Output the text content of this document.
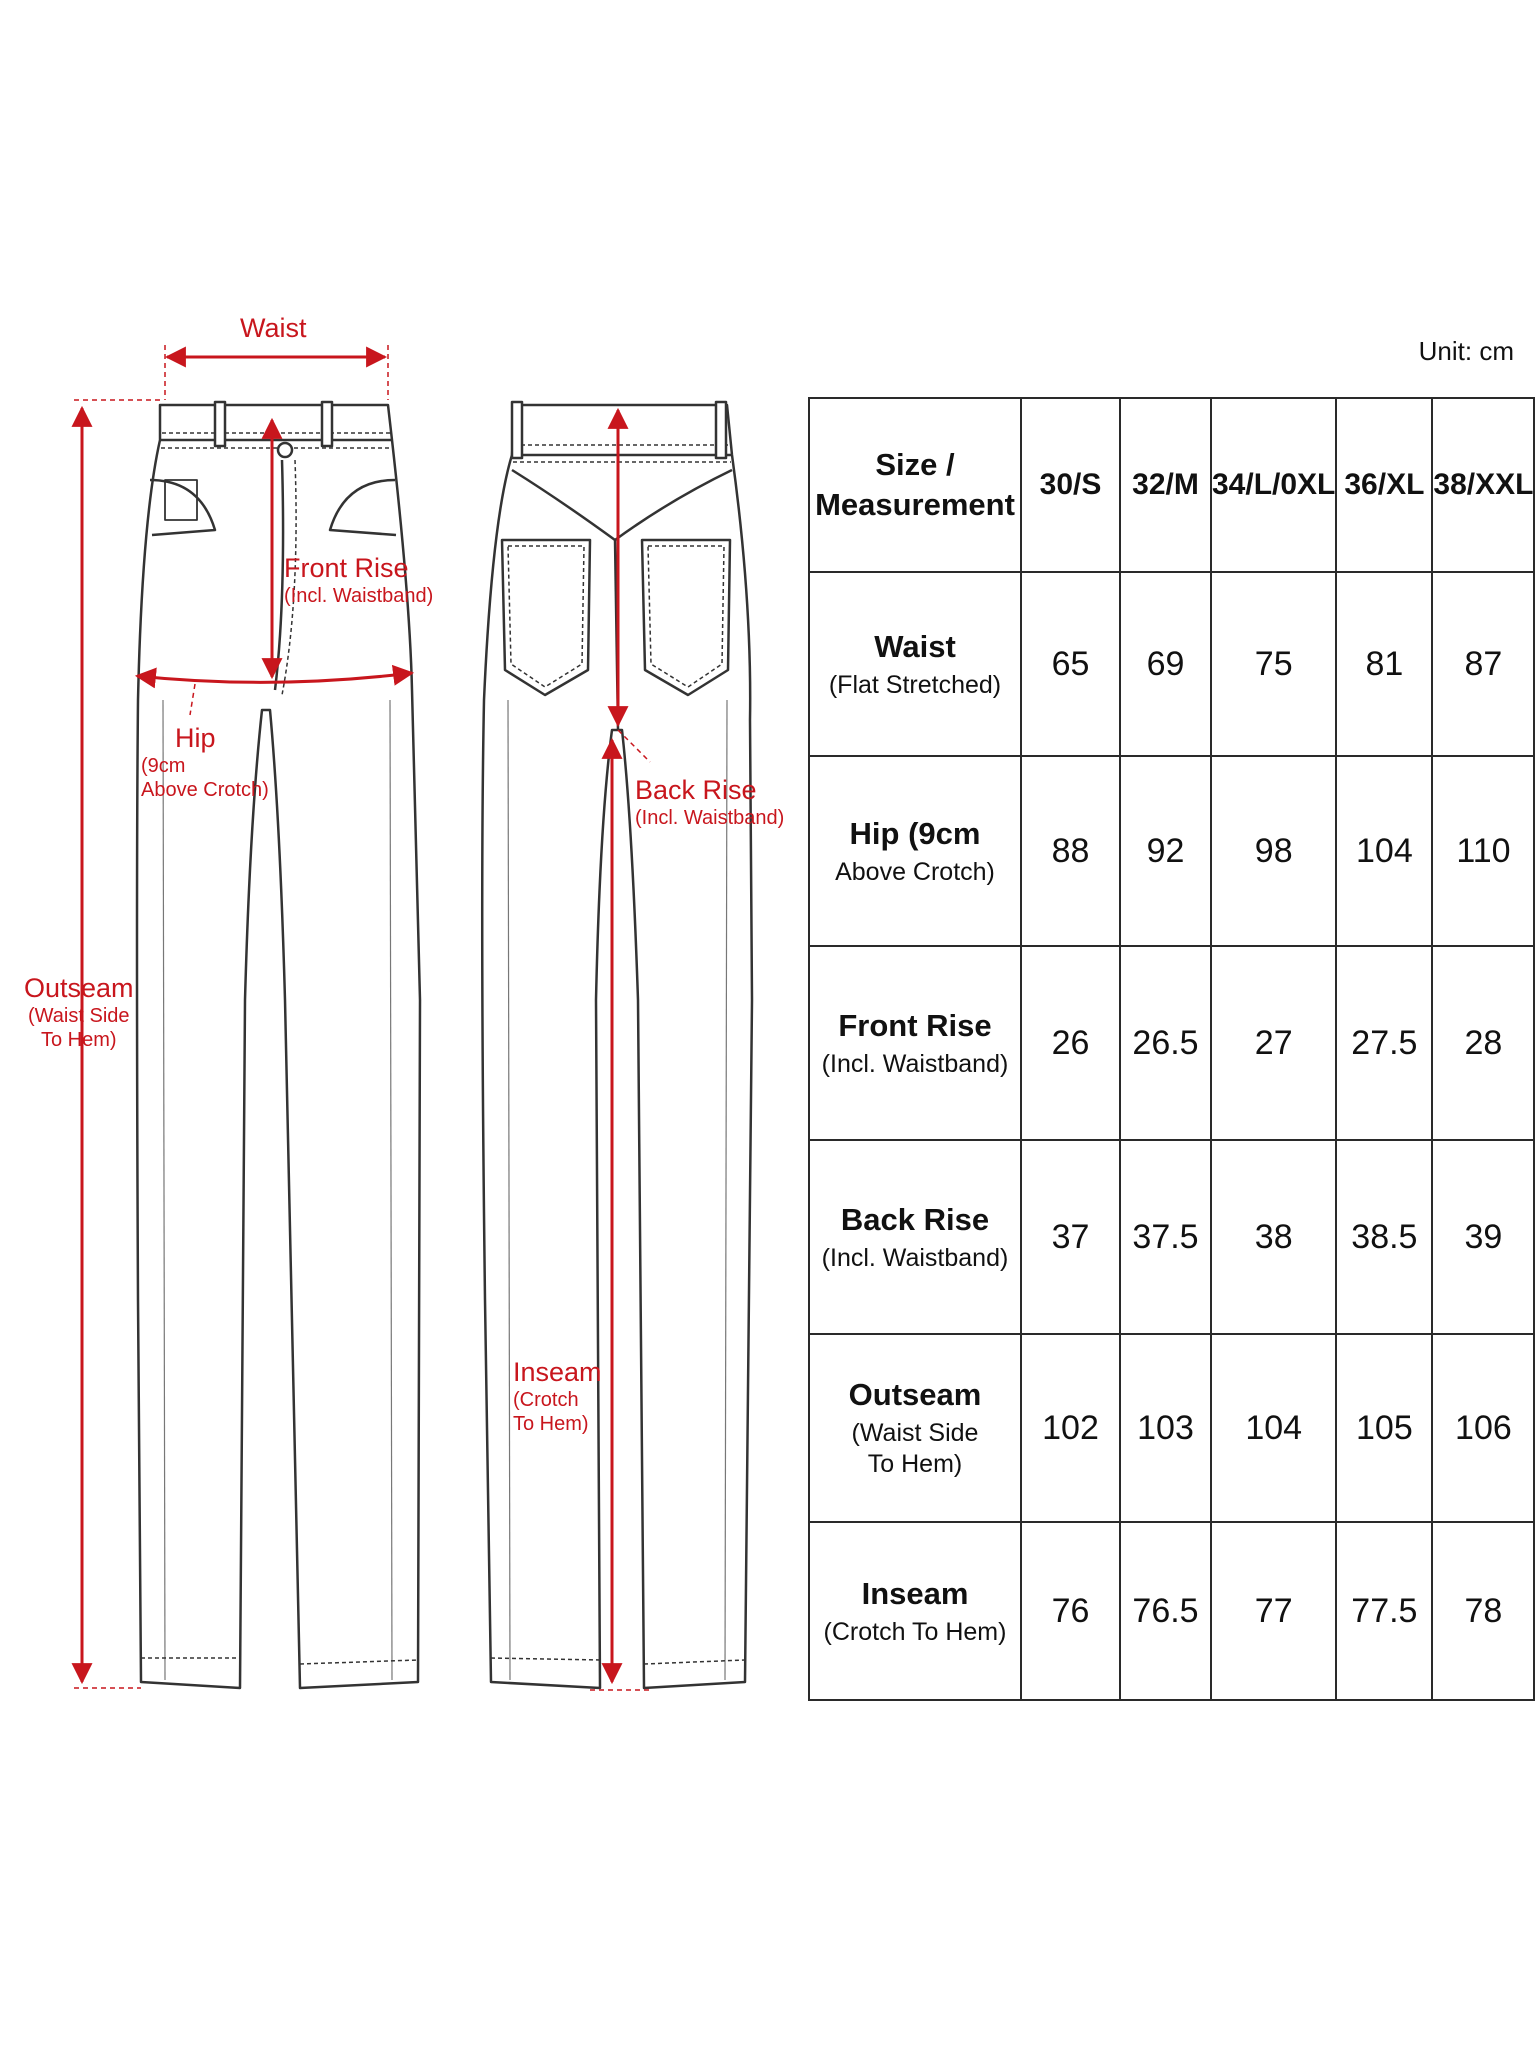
Waist
Front Rise
(Incl. Waistband)
Hip
(9cm
Above Crotch)
Outseam
(Waist Side
To Hem)
Back Rise
(Incl. Waistband)
Inseam
(Crotch
To Hem)
Unit: cm
Size /
Measurement	30/S	32/M	34/L/0XL	36/XL	38/XXL

Waist
(Flat Stretched)	65	69	75	81	87

Hip (9cm
Above Crotch)	88	92	98	104	110

Front Rise
(Incl. Waistband)	26	26.5	27	27.5	28

Back Rise
(Incl. Waistband)	37	37.5	38	38.5	39

Outseam
(Waist Side
To Hem)	102	103	104	105	106

Inseam
(Crotch To Hem)	76	76.5	77	77.5	78
